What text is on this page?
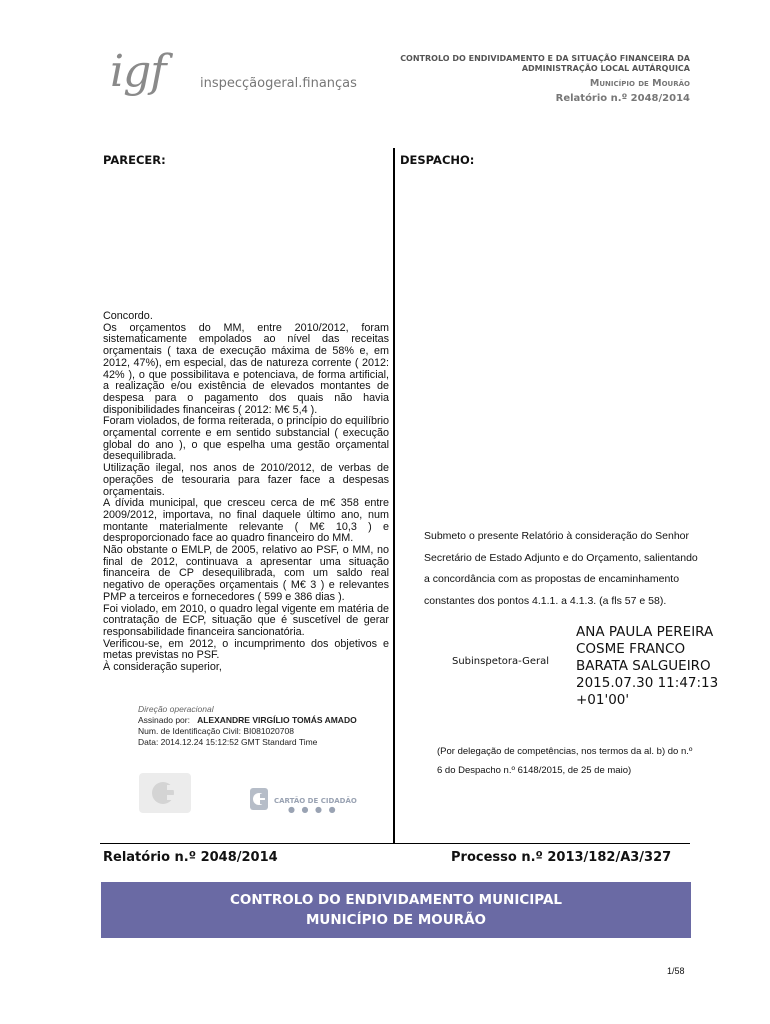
igf	inspecçãogeral.finanças
CONTROLO DO ENDIVIDAMENTO E DA SITUAÇÃO FINANCEIRA DA
ADMINISTRAÇÃO LOCAL AUTÁRQUICA
Município de Mourão
Relatório n.º 2048/2014
PARECER:	DESPACHO:

Concordo.

Os orçamentos do MM, entre 2010/2012, foram sistematicamente empolados ao nível das receitas orçamentais ( taxa de execução máxima de 58% e, em 2012, 47%), em especial, das de natureza corrente ( 2012: 42% ), o que possibilitava e potenciava, de forma artificial, a realização e/ou existência de elevados montantes de despesa para o pagamento dos quais não havia disponibilidades financeiras ( 2012: M€ 5,4 ).

Foram violados, de forma reiterada, o princípio do equilíbrio orçamental corrente e em sentido substancial ( execução global do ano ), o que espelha uma gestão orçamental desequilibrada.

Utilização ilegal, nos anos de 2010/2012, de verbas de operações de tesouraria para fazer face a despesas orçamentais.

A dívida municipal, que cresceu cerca de m€ 358 entre 2009/2012, importava, no final daquele último ano, num montante materialmente relevante ( M€ 10,3 ) e desproporcionado face ao quadro financeiro do MM.

Não obstante o EMLP, de 2005, relativo ao PSF, o MM, no final de 2012, continuava a apresentar uma situação financeira de CP desequilibrada, com um saldo real negativo de operações orçamentais ( M€ 3 ) e relevantes PMP a terceiros e fornecedores ( 599 e 386 dias ).

Foi violado, em 2010, o quadro legal vigente em matéria de contratação de ECP, situação que é suscetível de gerar responsabilidade financeira sancionatória.

Verificou-se, em 2012, o incumprimento dos objetivos e metas previstas no PSF.

À consideração superior,

Direção operacional
Assinado por: ALEXANDRE VIRGÍLIO TOMÁS AMADO
Num. de Identificação Civil: BI081020708
Data: 2014.12.24 15:12:52 GMT Standard Time
CARTÃO DE CIDADÃO
● ● ● ●

Submeto o presente Relatório à consideração do Senhor

Secretário de Estado Adjunto e do Orçamento, salientando

a concordância com as propostas de encaminhamento

constantes dos pontos 4.1.1. a 4.1.3. (a fls 57 e 58).

Subinspetora-Geral
ANA PAULA PEREIRA
COSME FRANCO
BARATA SALGUEIRO
2015.07.30 11:47:13
+01'00'

(Por delegação de competências, nos termos da al. b) do n.º

6 do Despacho n.º 6148/2015, de 25 de maio)

Relatório n.º 2048/2014	Processo n.º 2013/182/A3/327
CONTROLO DO ENDIVIDAMENTO MUNICIPAL
MUNICÍPIO DE MOURÃO
1/58
